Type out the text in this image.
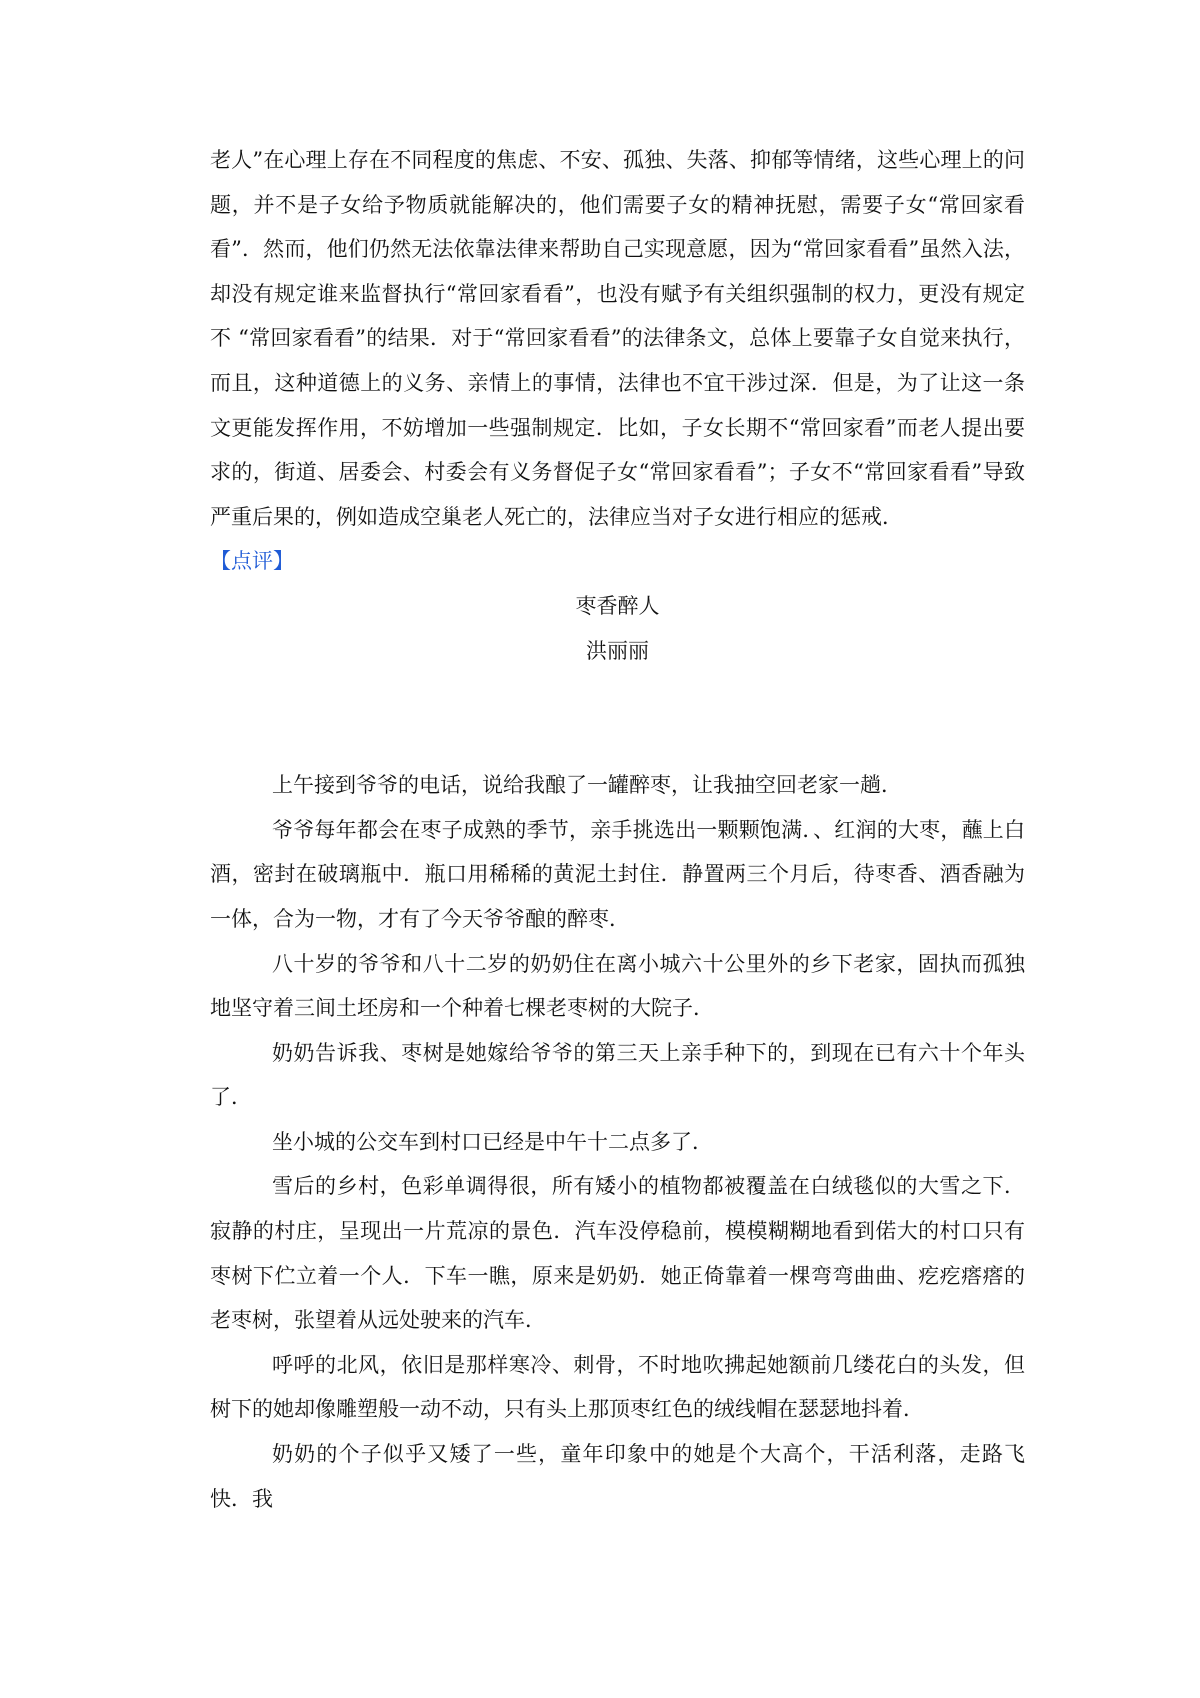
老人”在心理上存在不同程度的焦虑、不安、孤独、失落、抑郁等情绪，这些心理上的问题，并不是子女给予物质就能解决的，他们需要子女的精神抚慰，需要子女“常回家看看”．然而，他们仍然无法依靠法律来帮助自己实现意愿，因为“常回家看看”虽然入法，却没有规定谁来监督执行“常回家看看”，也没有赋予有关组织强制的权力，更没有规定不 “常回家看看”的结果．对于“常回家看看”的法律条文，总体上要靠子女自觉来执行，而且，这种道德上的义务、亲情上的事情，法律也不宜干涉过深．但是，为了让这一条文更能发挥作用，不妨增加一些强制规定．比如，子女长期不“常回家看”而老人提出要求的，街道、居委会、村委会有义务督促子女“常回家看看”；子女不“常回家看看”导致严重后果的，例如造成空巢老人死亡的，法律应当对子女进行相应的惩戒．

【点评】

枣香醉人

洪丽丽

上午接到爷爷的电话，说给我酿了一罐醉枣，让我抽空回老家一趟．

爷爷每年都会在枣子成熟的季节，亲手挑选出一颗颗饱满．、红润的大枣，蘸上白酒，密封在破璃瓶中．瓶口用稀稀的黄泥土封住．静置两三个月后，待枣香、酒香融为一体，合为一物，才有了今天爷爷酿的醉枣．

八十岁的爷爷和八十二岁的奶奶住在离小城六十公里外的乡下老家，固执而孤独地坚守着三间土坯房和一个种着七棵老枣树的大院子．

奶奶告诉我、枣树是她嫁给爷爷的第三天上亲手种下的，到现在已有六十个年头了．

坐小城的公交车到村口已经是中午十二点多了．

雪后的乡村，色彩单调得很，所有矮小的植物都被覆盖在白绒毯似的大雪之下．寂静的村庄，呈现出一片荒凉的景色．汽车没停稳前，模模糊糊地看到偌大的村口只有枣树下伫立着一个人．下车一瞧，原来是奶奶．她正倚靠着一棵弯弯曲曲、疙疙瘩瘩的老枣树，张望着从远处驶来的汽车．

呼呼的北风，依旧是那样寒冷、刺骨，不时地吹拂起她额前几缕花白的头发，但树下的她却像雕塑般一动不动，只有头上那顶枣红色的绒线帽在瑟瑟地抖着．

奶奶的个子似乎又矮了一些，童年印象中的她是个大高个，干活利落，走路飞快．我
